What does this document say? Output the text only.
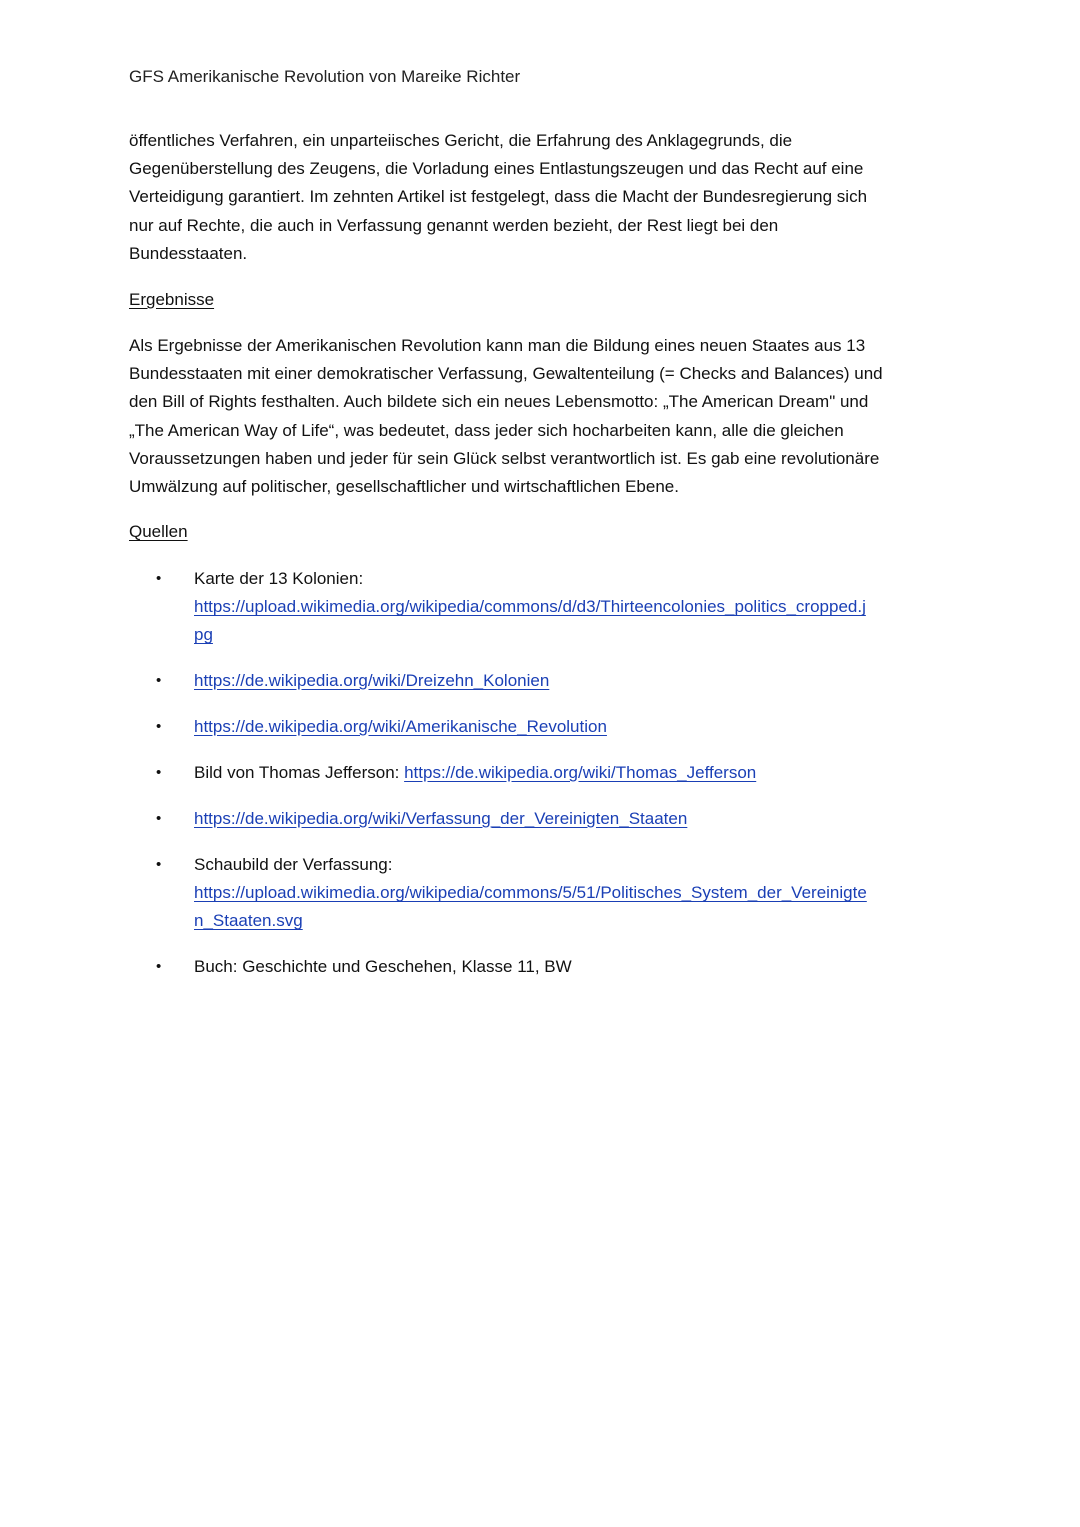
GFS Amerikanische Revolution von Mareike Richter

öffentliches Verfahren, ein unparteiisches Gericht, die Erfahrung des Anklagegrunds, die
Gegenüberstellung des Zeugens, die Vorladung eines Entlastungszeugen und das Recht auf eine
Verteidigung garantiert. Im zehnten Artikel ist festgelegt, dass die Macht der Bundesregierung sich
nur auf Rechte, die auch in Verfassung genannt werden bezieht, der Rest liegt bei den
Bundesstaaten.

Ergebnisse

Als Ergebnisse der Amerikanischen Revolution kann man die Bildung eines neuen Staates aus 13
Bundesstaaten mit einer demokratischer Verfassung, Gewaltenteilung (= Checks and Balances) und
den Bill of Rights festhalten. Auch bildete sich ein neues Lebensmotto: „The American Dream" und
„The American Way of Life“, was bedeutet, dass jeder sich hocharbeiten kann, alle die gleichen
Voraussetzungen haben und jeder für sein Glück selbst verantwortlich ist. Es gab eine revolutionäre
Umwälzung auf politischer, gesellschaftlicher und wirtschaftlichen Ebene.

Quellen
• Karte der 13 Kolonien:
https://upload.wikimedia.org/wikipedia/commons/d/d3/Thirteencolonies_politics_cropped.j
pg
• https://de.wikipedia.org/wiki/Dreizehn_Kolonien
• https://de.wikipedia.org/wiki/Amerikanische_Revolution
• Bild von Thomas Jefferson: https://de.wikipedia.org/wiki/Thomas_Jefferson
• https://de.wikipedia.org/wiki/Verfassung_der_Vereinigten_Staaten
• Schaubild der Verfassung:
https://upload.wikimedia.org/wikipedia/commons/5/51/Politisches_System_der_Vereinigte
n_Staaten.svg
• Buch: Geschichte und Geschehen, Klasse 11, BW
